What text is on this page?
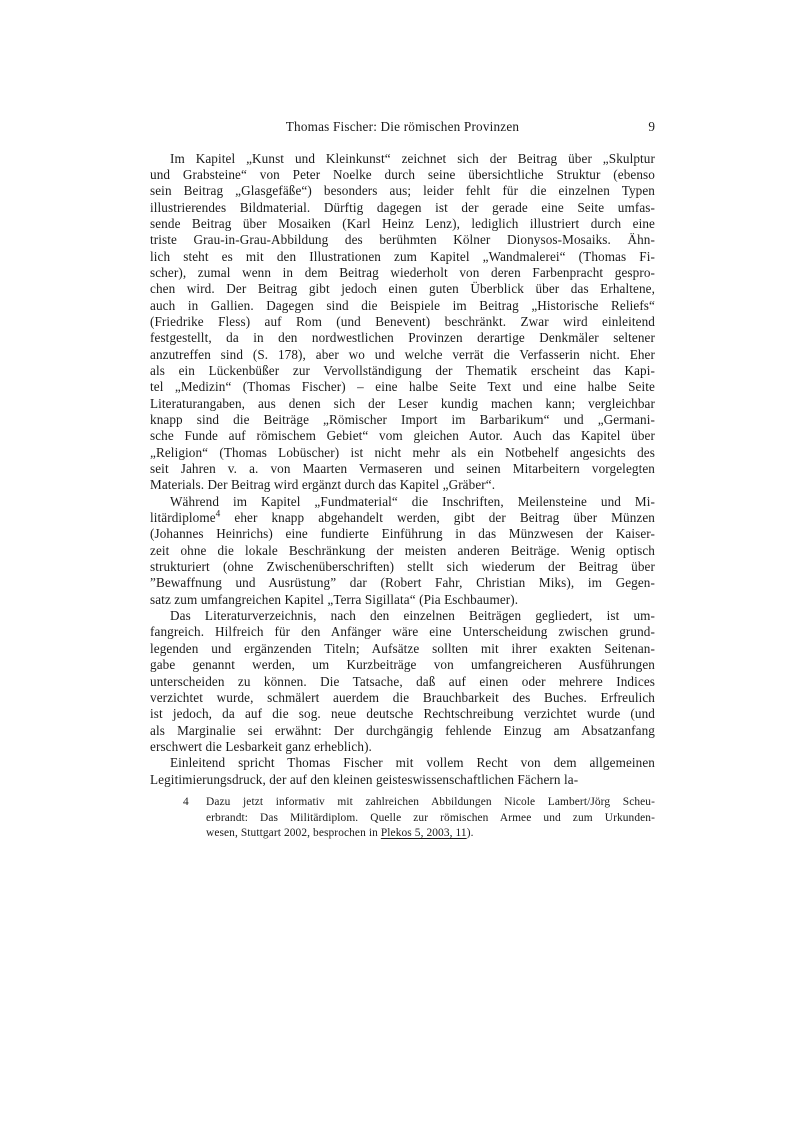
Thomas Fischer: Die römischen Provinzen	9
Im Kapitel „Kunst und Kleinkunst“ zeichnet sich der Beitrag über „Skulptur
und Grabsteine“ von Peter Noelke durch seine übersichtliche Struktur (ebenso
sein Beitrag „Glasgefäße“) besonders aus; leider fehlt für die einzelnen Typen
illustrierendes Bildmaterial. Dürftig dagegen ist der gerade eine Seite umfas-
sende Beitrag über Mosaiken (Karl Heinz Lenz), lediglich illustriert durch eine
triste Grau-in-Grau-Abbildung des berühmten Kölner Dionysos-Mosaiks. Ähn-
lich steht es mit den Illustrationen zum Kapitel „Wandmalerei“ (Thomas Fi-
scher), zumal wenn in dem Beitrag wiederholt von deren Farbenpracht gespro-
chen wird. Der Beitrag gibt jedoch einen guten Überblick über das Erhaltene,
auch in Gallien. Dagegen sind die Beispiele im Beitrag „Historische Reliefs“
(Friedrike Fless) auf Rom (und Benevent) beschränkt. Zwar wird einleitend
festgestellt, da in den nordwestlichen Provinzen derartige Denkmäler seltener
anzutreffen sind (S. 178), aber wo und welche verrät die Verfasserin nicht. Eher
als ein Lückenbüßer zur Vervollständigung der Thematik erscheint das Kapi-
tel „Medizin“ (Thomas Fischer) – eine halbe Seite Text und eine halbe Seite
Literaturangaben, aus denen sich der Leser kundig machen kann; vergleichbar
knapp sind die Beiträge „Römischer Import im Barbarikum“ und „Germani-
sche Funde auf römischem Gebiet“ vom gleichen Autor. Auch das Kapitel über
„Religion“ (Thomas Lobüscher) ist nicht mehr als ein Notbehelf angesichts des
seit Jahren v. a. von Maarten Vermaseren und seinen Mitarbeitern vorgelegten
Materials. Der Beitrag wird ergänzt durch das Kapitel „Gräber“.
Während im Kapitel „Fundmaterial“ die Inschriften, Meilensteine und Mi-
litärdiplome$^4$ eher knapp abgehandelt werden, gibt der Beitrag über Münzen
(Johannes Heinrichs) eine fundierte Einführung in das Münzwesen der Kaiser-
zeit ohne die lokale Beschränkung der meisten anderen Beiträge. Wenig optisch
strukturiert (ohne Zwischenüberschriften) stellt sich wiederum der Beitrag über
”Bewaffnung und Ausrüstung” dar (Robert Fahr, Christian Miks), im Gegen-
satz zum umfangreichen Kapitel „Terra Sigillata“ (Pia Eschbaumer).
Das Literaturverzeichnis, nach den einzelnen Beiträgen gegliedert, ist um-
fangreich. Hilfreich für den Anfänger wäre eine Unterscheidung zwischen grund-
legenden und ergänzenden Titeln; Aufsätze sollten mit ihrer exakten Seitenan-
gabe genannt werden, um Kurzbeiträge von umfangreicheren Ausführungen
unterscheiden zu können. Die Tatsache, daß auf einen oder mehrere Indices
verzichtet wurde, schmälert auerdem die Brauchbarkeit des Buches. Erfreulich
ist jedoch, da auf die sog. neue deutsche Rechtschreibung verzichtet wurde (und
als Marginalie sei erwähnt: Der durchgängig fehlende Einzug am Absatzanfang
erschwert die Lesbarkeit ganz erheblich).
Einleitend spricht Thomas Fischer mit vollem Recht von dem allgemeinen
Legitimierungsdruck, der auf den kleinen geisteswissenschaftlichen Fächern la-
4 Dazu jetzt informativ mit zahlreichen Abbildungen Nicole Lambert/Jörg Scheu-
erbrandt: Das Militärdiplom. Quelle zur römischen Armee und zum Urkunden-
wesen, Stuttgart 2002, besprochen in Plekos 5, 2003, 11).
